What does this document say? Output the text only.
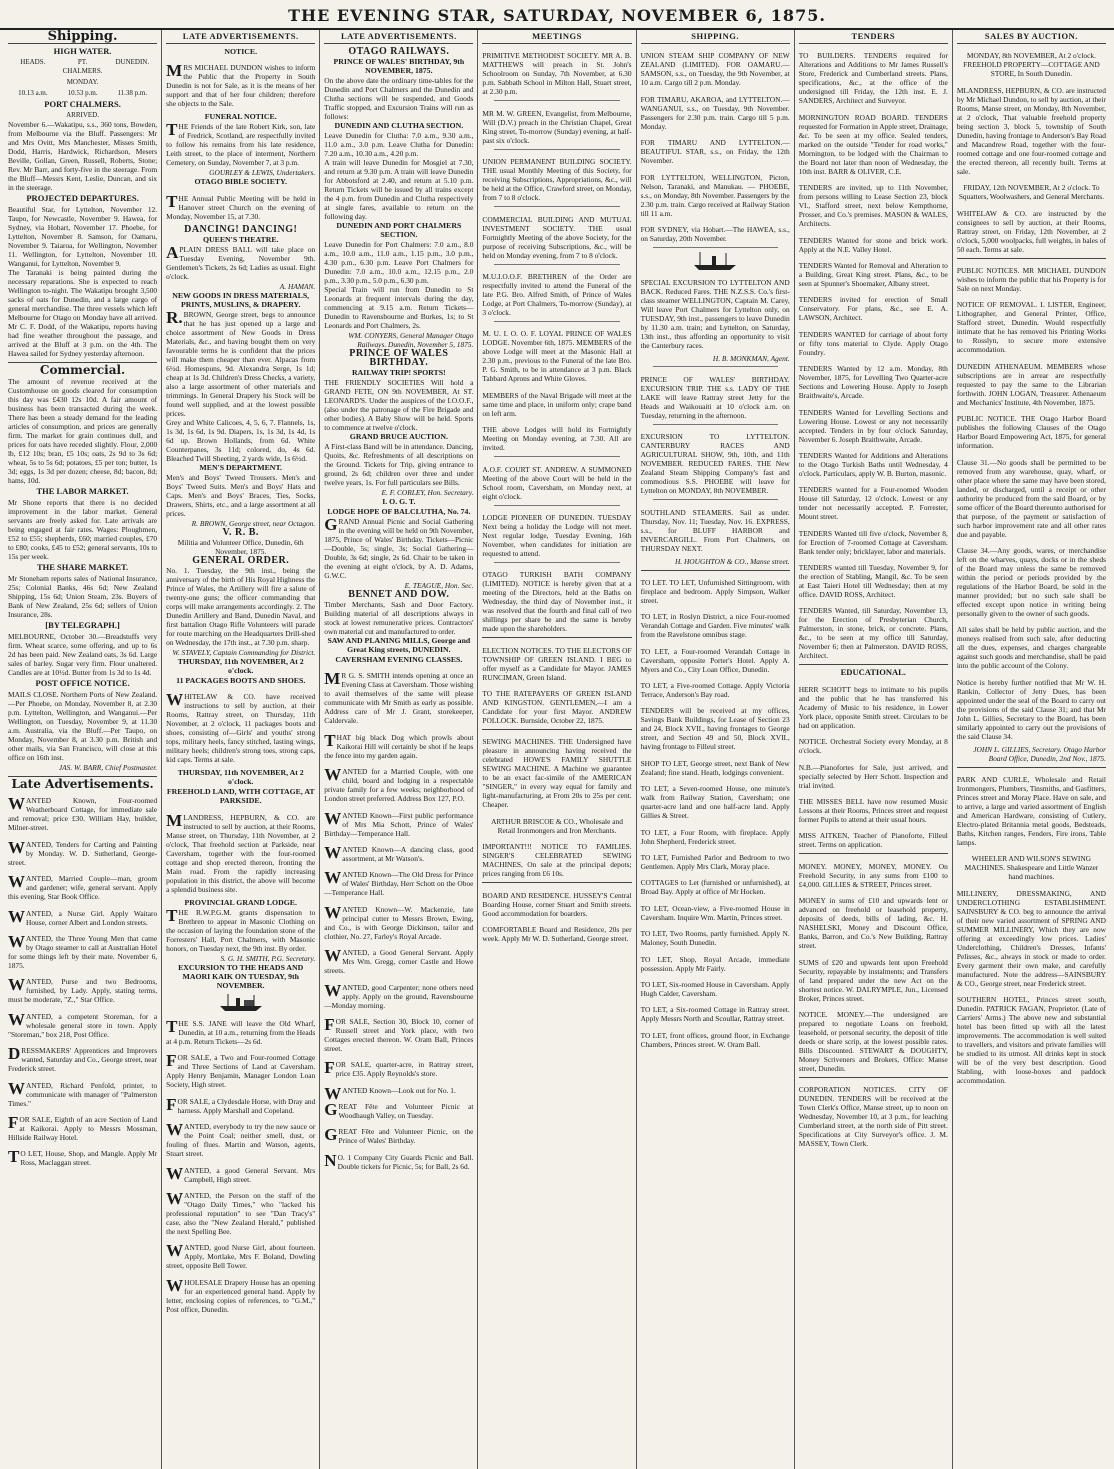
THE EVENING STAR, SATURDAY, NOVEMBER 6, 1875.
Shipping.
HIGH WATER.
HEADS.	PT. CHALMERS.
DUNEDIN.
MONDAY.
10.13 a.m.	10.53 p.m.	11.38 p.m.
PORT CHALMERS.
ARRIVED.

November 6.—Wakatipu, s.s., 360 tons, Bowden, from Melbourne via the Bluff. Passengers: Mr and Mrs Ovitt, Mrs Manchester, Misses Smith, Dodd, Harris, Hardwick, Richardson, Mesers Beville, Gollan, Green, Russell, Roberts, Stone; Rev. Mr Barr, and forty-five in the steerage. From the Bluff—Messrs Kent, Leslie, Duncan, and six in the steerage.

PROJECTED DEPARTURES.

Beautiful Star, for Lyttelton, November 12. Taupo, for Newcastle, November 9. Hawea, for Sydney, via Hobart, November 17. Phoebe, for Lyttelton, November 8. Samson, for Oamaru, November 9. Taiaroa, for Wellington, November 11. Wellington, for Lyttelton, November 10. Wanganui, for Lyttelton, November 9.

The Taranaki is being painted during the necessary reparations. She is expected to reach Wellington to-night. The Wakatipu brought 3,500 sacks of oats for Dunedin, and a large cargo of general merchandise. The three vessels which left Melbourne for Otago on Monday have all arrived. Mr C. F. Dodd, of the Wakatipu, reports having had fine weather throughout the passage, and arrived at the Bluff at 3 p.m. on the 4th. The Hawea sailed for Sydney yesterday afternoon.

Commercial.

The amount of revenue received at the Customhouse on goods cleared for consumption this day was £430 12s 10d. A fair amount of business has been transacted during the week. There has been a steady demand for the leading articles of consumption, and prices are generally firm. The market for grain continues dull, and prices for oats have receded slightly. Flour, 2,000 lb, £12 10s; bran, £5 10s; oats, 2s 9d to 3s 6d; wheat, 5s to 5s 6d; potatoes, £5 per ton; butter, 1s 3d; eggs, 1s 3d per dozen; cheese, 8d; bacon, 8d; hams, 10d.

THE LABOR MARKET.

Mr Shone reports that there is no decided improvement in the labor market. General servants are freely asked for. Late arrivals are being engaged at fair rates. Wages: Ploughmen, £52 to £55; shepherds, £60; married couples, £70 to £80; cooks, £45 to £52; general servants, 10s to 15s per week.

THE SHARE MARKET.

Mr Stoneham reports sales of National Insurance, 25s; Colonial Banks, 46s 6d; New Zealand Shipping, 15s 6d; Union Steam, 23s. Buyers of Bank of New Zealand, 25s 6d; sellers of Union Insurance, 28s.

[BY TELEGRAPH.]

MELBOURNE, October 30.—Breadstuffs very firm. Wheat scarce, some offering, and up to 6s 2d has been paid. New Zealand oats, 3s 6d. Large sales of barley. Sugar very firm. Flour unaltered. Candles are at 10½d. Butter from 1s 3d to 1s 4d.

POST OFFICE NOTICE.

MAILS CLOSE. Northern Ports of New Zealand.—Per Phoebe, on Monday, November 8, at 2.30 p.m. Lyttelton, Wellington, and Wanganui.—Per Wellington, on Tuesday, November 9, at 11.30 a.m. Australia, via the Bluff.—Per Taupo, on Monday, November 8, at 3.30 p.m. British and other mails, via San Francisco, will close at this office on 16th inst.

JAS. W. BARR, Chief Postmaster.
Late Advertisements.

WANTED Known, Four-roomed Weatherboard Cottage, for immediate sale and removal; price £30. William Hay, builder, Milner-street.

WANTED, Tenders for Carting and Painting by Monday. W. D. Sutherland, George-street.

WANTED, Married Couple—man, groom and gardener; wife, general servant. Apply this evening, Star Book Office.

WANTED, a Nurse Girl. Apply Waitaro House, corner Albert and London streets.

WANTED, the Three Young Men that came by Otago steamer to call at Australian Hotel for some things left by their mate. November 6, 1875.

WANTED, Purse and two Bedrooms, furnished, by Lady. Apply, stating terms, must be moderate, "Z.," Star Office.

WANTED, a competent Storeman, for a wholesale general store in town. Apply "Storeman," box 218, Post Office.

DRESSMAKERS' Apprentices and Improvers wanted, Saturday and Co., George street, near Frederick street.

WANTED, Richard Penfold, printer, to communicate with manager of "Palmerston Times."

FOR SALE, Eighth of an acre Section of Land at Kaikorai. Apply to Messrs Mossman, Hillside Railway Hotel.

TO LET, House, Shop, and Mangle. Apply Mr Ross, Maclaggan street.

LATE ADVERTISEMENTS.
NOTICE.

MRS MICHAEL DUNDON wishes to inform the Public that the Property in South Dunedin is not for Sale, as it is the means of her support and that of her four children; therefore she objects to the Sale.

FUNERAL NOTICE.

THE Friends of the late Robert Kirk, son, late of Fredrick, Scotland, are respectfully invited to follow his remains from his late residence, Leith street, to the place of interment, Northern Cemetery, on Sunday, November 7, at 3 p.m.

GOURLEY & LEWIS, Undertakers.
OTAGO BIBLE SOCIETY.

THE Annual Public Meeting will be held in Hanover street Church on the evening of Monday, November 15, at 7.30.

DANCING! DANCING!
QUEEN'S THEATRE.

APLAIN DRESS BALL will take place on Tuesday Evening, November 9th. Gentlemen's Tickets, 2s 6d; Ladies as usual. Eight o'clock.

A. HAMAN.
NEW GOODS IN DRESS MATERIALS, PRINTS, MUSLINS, & DRAPERY.

R.BROWN, George street, begs to announce that he has just opened up a large and choice assortment of New Goods in Dress Materials, &c., and having bought them on very favourable terms he is confident that the prices will make them cheaper than ever. Alpacas from 6½d. Homespuns, 9d. Alexandra Serge, 1s 1d; cheap at 1s 3d. Children's Dress Checks, a variety, also a large assortment of other materials and trimmings. In General Drapery his Stock will be found well supplied, and at the lowest possible prices.

Grey and White Calicoes, 4, 5, 6, 7. Flannels, 1s, 1s 3d, 1s 6d, 1s 9d. Diapers, 1s, 1s 3d, 1s 4d, 1s 6d up. Brown Hollands, from 6d. White Counterpanes, 3s 11d; colored, do, 4s 6d. Bleached Twill Sheeting, 2 yards wide, 1s 6½d.

MEN'S DEPARTMENT.

Men's and Boys' Tweed Trousers. Men's and Boys' Tweed Suits. Men's and Boys' Hats and Caps. Men's and Boys' Braces, Ties, Socks, Drawers, Shirts, etc., and a large assortment at all prices.

R. BROWN, George street, near Octagon.
V. R. B.
Militia and Volunteer Office, Dunedin, 6th November, 1875.
GENERAL ORDER.

No. 1. Tuesday, the 9th inst., being the anniversary of the birth of His Royal Highness the Prince of Wales, the Artillery will fire a salute of twenty-one guns; the officer commanding that corps will make arrangements accordingly. 2. The Dunedin Artillery and Band, Dunedin Naval, and first battalion Otago Rifle Volunteers will parade for route marching on the Headquarters Drill-shed on Wednesday, the 17th inst., at 7.30 p.m. sharp.

W. STAVELY, Captain Commanding for District.
THURSDAY, 11th NOVEMBER, At 2 o'clock.
11 PACKAGES BOOTS AND SHOES.

WHITELAW & CO. have received instructions to sell by auction, at their Rooms, Rattray street, on Thursday, 11th November, at 2 o'clock, 11 packages boots and shoes, consisting of—Girls' and youths' strong tops, military heels, fancy stitched, lasting wings, military heels; children's strong toes, strong caps, kid caps. Terms at sale.

THURSDAY, 11th NOVEMBER, At 2 o'clock.
FREEHOLD LAND, WITH COTTAGE, AT PARKSIDE.

MLANDRESS, HEPBURN, & CO. are instructed to sell by auction, at their Rooms, Manse street, on Thursday, 11th November, at 2 o'clock, That freehold section at Parkside, near Caversham, together with the four-roomed cottage and shop erected thereon, fronting the Main road. From the rapidly increasing population in this district, the above will become a splendid business site.

PROVINCIAL GRAND LODGE.

THE R.W.P.G.M. grants dispensation to Brethren to appear in Masonic Clothing on the occasion of laying the foundation stone of the Forresters' Hall, Port Chalmers, with Masonic honors, on Tuesday next, the 9th inst. By order.

S. G. H. SMITH, P.G. Secretary.
EXCURSION TO THE HEADS AND MAORI KAIK ON TUESDAY, 9th NOVEMBER.

THE S.S. JANE will leave the Old Wharf, Dunedin, at 10 a.m., returning from the Heads at 4 p.m. Return Tickets—2s 6d.

FOR SALE, a Two and Four-roomed Cottage and Three Sections of Land at Caversham. Apply Henry Benjamin, Manager London Loan Society, High street.

FOR SALE, a Clydesdale Horse, with Dray and harness. Apply Marshall and Copeland.

WANTED, everybody to try the new sauce or the Point Coal; neither smell, dust, or fouling of flues. Martin and Watson, agents, Stuart street.

WANTED, a good General Servant. Mrs Campbell, High street.

WANTED, the Person on the staff of the "Otago Daily Times," who "lacked his professional reputation" to see "Dan Tracy's" case, also the "New Zealand Herald," published the next Spelling Bee.

WANTED, good Nurse Girl, about fourteen. Apply, Mortlake, Mrs F. Boland, Dowling street, opposite Bell Tower.

WHOLESALE Drapery House has an opening for an experienced general hand. Apply by letter, enclosing copies of references, to "G.M.," Post office, Dunedin.

LATE ADVERTISEMENTS.
OTAGO RAILWAYS.
PRINCE OF WALES' BIRTHDAY, 9th NOVEMBER, 1875.

On the above date the ordinary time-tables for the Dunedin and Port Chalmers and the Dunedin and Clutha sections will be suspended, and Goods Traffic stopped, and Excursion Trains will run as follows:

DUNEDIN AND CLUTHA SECTION.

Leave Dunedin for Clutha: 7.0 a.m., 9.30 a.m., 11.0 a.m., 3.0 p.m. Leave Clutha for Dunedin: 7.20 a.m., 10.30 a.m., 4.20 p.m.

A train will leave Dunedin for Mosgiel at 7.30, and return at 9.30 p.m. A train will leave Dunedin for Abbotsford at 2.40, and return at 5.10 p.m. Return Tickets will be issued by all trains except the 4 p.m. from Dunedin and Clutha respectively at single fares, available to return on the following day.

DUNEDIN AND PORT CHALMERS SECTION.

Leave Dunedin for Port Chalmers: 7.0 a.m., 8.0 a.m., 10.0 a.m., 11.0 a.m., 1.15 p.m., 3.0 p.m., 4.30 p.m., 6.30 p.m. Leave Port Chalmers for Dunedin: 7.0 a.m., 10.0 a.m., 12.15 p.m., 2.0 p.m., 3.30 p.m., 5.0 p.m., 6.30 p.m.

Special Train will run from Dunedin to St Leonards at frequent intervals during the day, commencing at 9.15 a.m. Return Tickets—Dunedin to Ravensbourne and Burkes, 1s; to St Leonards and Port Chalmers, 2s.

WM. CONYERS, General Manager Otago Railways. Dunedin, November 5, 1875.
PRINCE OF WALES BIRTHDAY.
RAILWAY TRIP! SPORTS!

THE FRIENDLY SOCIETIES Will hold a GRAND FETE, ON 9th NOVEMBER, At ST. LEONARD'S. Under the auspices of the I.O.O.F., (also under the patronage of the Fire Brigade and other bodies). A Baby Show will be held. Sports to commence at twelve o'clock.

GRAND BRUCE AUCTION.

A First-class Band will be in attendance. Dancing, Quoits, &c. Refreshments of all descriptions on the Ground. Tickets for Trip, giving entrance to ground, 2s 6d; children over three and under twelve years, 1s. For full particulars see Bills.

E. F. CORLEY, Hon. Secretary.
I. O. G. T.
LODGE HOPE OF BALCLUTHA, No. 74.

GRAND Annual Picnic and Social Gathering in the evening will be held on 9th November, 1875, Prince of Wales' Birthday. Tickets—Picnic—Double, 5s; single, 3s; Social Gathering—Double, 3s 6d; single, 2s 6d. Chair to be taken in the evening at eight o'clock, by A. D. Adams, G.W.C.

E. TEAGUE, Hon. Sec.
BENNET AND DOW.

Timber Merchants, Sash and Door Factory. Building material of all descriptions always in stock at lowest remunerative prices. Contractors' own material cut and manufactured to order.

SAW AND PLANING MILLS, George and Great King streets, DUNEDIN.
CAVERSHAM EVENING CLASSES.

MR G. S. SMITH intends opening at once an Evening Class at Caversham. Those wishing to avail themselves of the same will please communicate with Mr Smith as early as possible. Address care of Mr J. Grant, storekeeper, Caldervale.

THAT big black Dog which prowls about Kaikorai Hill will certainly be shot if he leaps the fence into my garden again.

WANTED for a Married Couple, with one child, board and lodging in a respectable private family for a few weeks; neighborhood of London street preferred. Address Box 127, P.O.

WANTED Known—First public performance of Mrs Mia Schott, Prince of Wales' Birthday—Temperance Hall.

WANTED Known—A dancing class, good assortment, at Mr Watson's.

WANTED Known—The Old Dress for Prince of Wales' Birthday, Herr Schott on the Oboe—Temperance Hall.

WANTED Known—W. Mackenzie, late principal cutter to Messrs Brown, Ewing, and Co., is with George Dickinson, tailor and clothier, No. 27, Farley's Royal Arcade.

WANTED, a Good General Servant. Apply Mrs Wm. Gregg, corner Castle and Howe streets.

WANTED, good Carpenter; none others need apply. Apply on the ground, Ravensbourne—Monday morning.

FOR SALE, Section 30, Block 10, corner of Russell street and York place, with two Cottages erected thereon. W. Oram Ball, Princes street.

FOR SALE, quarter-acre, in Rattray street, price £35. Apply Reynolds's store.

WANTED Known—Look out for No. 1.

GREAT Fête and Volunteer Picnic at Woodhaugh Valley, on Tuesday.

GREAT Fête and Volunteer Picnic, on the Prince of Wales' Birthday.

NO. 1 Company City Guards Picnic and Ball. Double tickets for Picnic, 5s; for Ball, 2s 6d.

MEETINGS

PRIMITIVE METHODIST SOCIETY. MR A. B. MATTHEWS will preach in St. John's Schoolroom on Sunday, 7th November, at 6.30 p.m. Sabbath School in Milton Hall, Stuart street, at 2.30 p.m.

MR M. W. GREEN, Evangelist, from Melbourne, Will (D.V.) preach in the Christian Chapel, Great King street, To-morrow (Sunday) evening, at half-past six o'clock.

UNION PERMANENT BUILDING SOCIETY. THE usual Monthly Meeting of this Society, for receiving Subscriptions, Appropriations, &c., will be held at the Office, Crawford street, on Monday, from 7 to 8 o'clock.

COMMERCIAL BUILDING AND MUTUAL INVESTMENT SOCIETY. THE usual Fortnightly Meeting of the above Society, for the purpose of receiving Subscriptions, &c., will be held on Monday evening, from 7 to 8 o'clock.

M.U.I.O.O.F. BRETHREN of the Order are respectfully invited to attend the Funeral of the late P.G. Bro. Alfred Smith, of Prince of Wales Lodge, at Port Chalmers, To-morrow (Sunday), at 3 o'clock.

M. U. I. O. O. F. LOYAL PRINCE OF WALES LODGE. November 6th, 1875. MEMBERS of the above Lodge will meet at the Masonic Hall at 2.30 p.m., previous to the Funeral of the late Bro. P. G. Smith, to be in attendance at 3 p.m. Black Tabbard Aprons and White Gloves.

MEMBERS of the Naval Brigade will meet at the same time and place, in uniform only; crape band on left arm.

THE above Lodges will hold its Fortnightly Meeting on Monday evening, at 7.30. All are invited.

A.O.F. COURT ST. ANDREW. A SUMMONED Meeting of the above Court will be held in the School room, Caversham, on Monday next, at eight o'clock.

LODGE PIONEER OF DUNEDIN. TUESDAY Next being a holiday the Lodge will not meet. Next regular lodge, Tuesday Evening, 16th November, when candidates for initiation are requested to attend.

OTAGO TURKISH BATH COMPANY (LIMITED). NOTICE is hereby given that at a meeting of the Directors, held at the Baths on Wednesday, the third day of November inst., it was resolved that the fourth and final call of two shillings per share be and the same is hereby made upon the shareholders.

ELECTION NOTICES. TO THE ELECTORS OF TOWNSHIP OF GREEN ISLAND. I BEG to offer myself as a Candidate for Mayor. JAMES RUNCIMAN, Green Island.

TO THE RATEPAYERS OF GREEN ISLAND AND KINGSTON. GENTLEMEN,—I am a Candidate for your first Mayor. ANDREW POLLOCK. Burnside, October 22, 1875.

SEWING MACHINES. THE Undersigned have pleasure in announcing having received the celebrated HOWE'S FAMILY SHUTTLE SEWING MACHINE. A Machine we guarantee to be an exact fac-simile of the AMERICAN "SINGER," in every way equal for family and light-manufacturing, at From 20s to 25s per cent. Cheaper.

ARTHUR BRISCOE & CO., Wholesale and Retail Ironmongers and Iron Merchants.

IMPORTANT!!! NOTICE TO FAMILIES. SINGER'S CELEBRATED SEWING MACHINES, On sale at the principal depots; prices ranging from £6 10s.

BOARD AND RESIDENCE. HUSSEY'S Central Boarding House, corner Stuart and Smith streets. Good accommodation for boarders.

COMFORTABLE Board and Residence, 20s per week. Apply Mr W. D. Sutherland, George street.

SHIPPING.

UNION STEAM SHIP COMPANY OF NEW ZEALAND (LIMITED). FOR OAMARU.—SAMSON, s.s., on Tuesday, the 9th November, at 10 a.m. Cargo till 2 p.m. Monday.

FOR TIMARU, AKAROA, and LYTTELTON.—WANGANUI, s.s., on Tuesday, 9th November. Passengers for 2.30 p.m. train. Cargo till 5 p.m. Monday.

FOR TIMARU AND LYTTELTON.—BEAUTIFUL STAR, s.s., on Friday, the 12th November.

FOR LYTTELTON, WELLINGTON, Picton, Nelson, Taranaki, and Manukau. — PHOEBE, s.s., on Monday, 8th November. Passengers by the 2.30 p.m. train. Cargo received at Railway Station till 11 a.m.

FOR SYDNEY, via Hobart.—The HAWEA, s.s., on Saturday, 20th November.

SPECIAL EXCURSION TO LYTTELTON AND BACK. Reduced Fares. THE N.Z.S.S. Co.'s first-class steamer WELLINGTON, Captain M. Carey, Will leave Port Chalmers for Lyttelton only, on TUESDAY, 9th inst., passengers to leave Dunedin by 11.30 a.m. train; and Lyttelton, on Saturday, 13th inst., thus affording an opportunity to visit the Canterbury races.

H. B. MONKMAN, Agent.

PRINCE OF WALES' BIRTHDAY. EXCURSION TRIP. THE s.s. LADY OF THE LAKE will leave Rattray street Jetty for the Heads and Waikouaiti at 10 o'clock a.m. on Tuesday, returning in the afternoon.

EXCURSION TO LYTTELTON. CANTERBURY RACES AND AGRICULTURAL SHOW, 9th, 10th, and 11th NOVEMBER. REDUCED FARES. THE New Zealand Steam Shipping Company's fast and commodious S.S. PHOEBE will leave for Lyttelton on MONDAY, 8th NOVEMBER.

SOUTHLAND STEAMERS. Sail as under. Thursday, Nov. 11; Tuesday, Nov. 16. EXPRESS, s.s., for BLUFF HARBOR and INVERCARGILL. From Port Chalmers, on THURSDAY NEXT.

H. HOUGHTON & CO., Manse street.

TO LET. TO LET, Unfurnished Sittingroom, with fireplace and bedroom. Apply Simpson, Walker street.

TO LET, in Roslyn District, a nice Four-roomed Verandah Cottage and Garden. Five minutes' walk from the Ravelstone omnibus stage.

TO LET, a Four-roomed Verandah Cottage in Caversham, opposite Porter's Hotel. Apply A. Myers and Co., City Loan Office, Dunedin.

TO LET, a Five-roomed Cottage. Apply Victoria Terrace, Anderson's Bay road.

TENDERS will be received at my offices, Savings Bank Buildings, for Lease of Section 23 and 24, Block XVII., having frontages to George street, and Section 49 and 50, Block XVII., having frontage to Filleul street.

SHOP TO LET, George street, next Bank of New Zealand; fine stand. Heath, lodgings convenient.

TO LET, a Seven-roomed House, one minute's walk from Railway Station, Caversham; one quarter-acre land and one half-acre land. Apply Gillies & Street.

TO LET, a Four Room, with fireplace. Apply John Shepherd, Frederick street.

TO LET, Furnished Parlor and Bedroom to two Gentlemen. Apply Mrs Clark, Moray place.

COTTAGES to Let (furnished or unfurnished), at Broad Bay. Apply at office of Mr Hocken.

TO LET, Ocean-view, a Five-roomed House in Caversham. Inquire Wm. Martin, Princes street.

TO LET, Two Rooms, partly furnished. Apply N. Maloney, South Dunedin.

TO LET, Shop, Royal Arcade, immediate possession. Apply Mr Fairly.

TO LET, Six-roomed House in Caversham. Apply Hugh Calder, Caversham.

TO LET, a Six-roomed Cottage in Rattray street. Apply Messrs North and Scoullar, Rattray street.

TO LET, front offices, ground floor, in Exchange Chambers, Princes street. W. Oram Ball.

TENDERS

TO BUILDERS. TENDERS required for Alterations and Additions to Mr James Russell's Store, Frederick and Cumberland streets. Plans, specifications, &c., at the office of the undersigned till Friday, the 12th inst. E. J. SANDERS, Architect and Surveyor.

MORNINGTON ROAD BOARD. TENDERS requested for Formation in Apple street, Drainage, &c. To be seen at my office. Sealed tenders, marked on the outside "Tender for road works," Mornington, to be lodged with the Chairman to the Board not later than noon of Wednesday, the 10th inst. BARR & OLIVER, C.E.

TENDERS are invited, up to 11th November, from persons willing to Lease Section 23, block VI., Stafford street, next below Kempthorne, Prosser, and Co.'s premises. MASON & WALES, Architects.

TENDERS Wanted for stone and brick work. Apply at the N.E. Valley Hotel.

TENDERS Wanted for Removal and Alteration to a Building, Great King street. Plans, &c., to be seen at Spunner's Shoemaker, Albany street.

TENDERS invited for erection of Small Conservatory. For plans, &c., see E. A. LAWSON, Architect.

TENDERS WANTED for carriage of about forty or fifty tons material to Clyde. Apply Otago Foundry.

TENDERS Wanted by 12 a.m. Monday, 8th November, 1875, for Levelling Two Quarter-acre Sections and Lowering House. Apply to Joseph Braithwaite's, Arcade.

TENDERS Wanted for Levelling Sections and Lowering House. Lowest or any not necessarily accepted. Tenders in by four o'clock Saturday, November 6. Joseph Braithwaite, Arcade.

TENDERS Wanted for Additions and Alterations to the Otago Turkish Baths until Wednesday, 4 o'clock. Particulars, apply W. B. Burton, masonic.

TENDERS wanted for a Four-roomed Wooden House till Saturday, 12 o'clock. Lowest or any tender not necessarily accepted. P. Forrester, Mount street.

TENDERS Wanted till five o'clock, November 8, for Erection of 7-roomed Cottage at Caversham. Bank tender only; bricklayer, labor and materials.

TENDERS wanted till Tuesday, November 9, for the erection of Stabling, Mangil, &c. To be seen at East Taieri Hotel till Wednesday; then at my office. DAVID ROSS, Architect.

TENDERS Wanted, till Saturday, November 13, for the Erection of Presbyterian Church, Palmerston, in stone, brick, or concrete. Plans, &c., to be seen at my office till Saturday, November 6; then at Palmerston. DAVID ROSS, Architect.

EDUCATIONAL.

HERR SCHOTT begs to intimate to his pupils and the public that he has transferred his Academy of Music to his residence, in Lower York place, opposite Smith street. Circulars to be had on application.

NOTICE. Orchestral Society every Monday, at 8 o'clock.

N.B.—Pianofortes for Sale, just arrived, and specially selected by Herr Schott. Inspection and trial invited.

THE MISSES BELL have now resumed Music Lessons at their Rooms, Princes street and request former Pupils to attend at their usual hours.

MISS AITKEN, Teacher of Pianoforte, Filleul street. Terms on application.

MONEY. MONEY, MONEY, MONEY. On Freehold Security, in any sums from £100 to £4,000. GILLIES & STREET, Princes street.

MONEY in sums of £10 and upwards lent or advanced on freehold or leasehold property, deposits of deeds, bills of lading, &c. H. NASHELSKI, Money and Discount Office, Banks, Barron, and Co.'s New Building, Rattray street.

SUMS of £20 and upwards lent upon Freehold Security, repayable by instalments; and Transfers of land prepared under the new Act on the shortest notice. W. DALRYMPLE, Jun., Licensed Broker, Princes street.

NOTICE. MONEY.—The undersigned are prepared to negotiate Loans on freehold, leasehold, or personal security, the deposit of title deeds or share scrip, at the lowest possible rates. Bills Discounted. STEWART & DOUGHTY, Money Scriveners and Brokers, Office: Manse street, Dunedin.

CORPORATION NOTICES. CITY OF DUNEDIN. TENDERS will be received at the Town Clerk's Office, Manse street, up to noon on Wednesday, November 10, at 3 p.m., for leaching Cumberland street, at the north side of Pitt street. Specifications at City Surveyor's office. J. M. MASSEY, Town Clerk.

SALES BY AUCTION.

MONDAY, 8th NOVEMBER, At 2 o'clock. FREEHOLD PROPERTY—COTTAGE AND STORE, In South Dunedin.

MLANDRESS, HEPBURN, & CO. are instructed by Mr Michael Dundon, to sell by auction, at their Rooms, Manse street, on Monday, 8th November, at 2 o'clock, That valuable freehold property being section 3, block 5, township of South Dunedin, having frontage to Anderson's Bay Road and Macandrew Road, together with the four-roomed cottage and one four-roomed cottage and the erected thereon, all recently built. Terms at sale.

FRIDAY, 12th NOVEMBER, At 2 o'clock. To Squatters, Woolwashers, and General Merchants.

WHITELAW & CO. are instructed by the consignees to sell by auction, at their Rooms, Rattray street, on Friday, 12th November, at 2 o'clock, 5,000 woolpacks, full weights, in bales of 50 each. Terms at sale.

PUBLIC NOTICES. MR MICHAEL DUNDON wishes to inform the public that his Property is for Sale on next Monday.

NOTICE OF REMOVAL. L LISTER, Engineer, Lithographer, and General Printer, Office, Stafford street, Dunedin. Would respectfully intimate that he has removed his Printing Works to Rosslyn, to secure more extensive accommodation.

DUNEDIN ATHENAEUM. MEMBERS whose subscriptions are in arrear are respectfully requested to pay the same to the Librarian forthwith. JOHN LOGAN, Treasurer. Athenaeum and Mechanics' Institute, 4th November, 1875.

PUBLIC NOTICE. THE Otago Harbor Board publishes the following Clauses of the Otago Harbor Board Empowering Act, 1875, for general information.

Clause 31.—No goods shall be permitted to be removed from any warehouse, quay, wharf, or other place where the same may have been stored, landed, or discharged, until a receipt or other authority be produced from the said Board, or by some officer of the Board thereunto authorised for that purpose, of the payment or satisfaction of such harbor improvement rate and all other rates due and payable.

Clause 34.—Any goods, wares, or merchandise left on the wharves, quays, docks or in the sheds of the Board may unless the same be removed within the period or periods provided by the regulations of the Harbor Board, be sold in the manner provided; but no such sale shall be effected except upon notice in writing being personally given to the owner of such goods.

All sales shall be held by public auction, and the moneys realised from such sale, after deducting all the dues, expenses, and charges chargeable against such goods and merchandise, shall be paid into the public account of the Colony.

Notice is hereby further notified that Mr W. H. Rankin, Collector of Jetty Dues, has been appointed under the seal of the Board to carry out the provisions of the said Clause 31; and that Mr John L. Gillies, Secretary to the Board, has been similarly appointed to carry out the provisions of the said Clause 34.

JOHN L. GILLIES, Secretary. Otago Harbor Board Office, Dunedin, 2nd Nov., 1875.

PARK AND CURLE, Wholesale and Retail Ironmongers, Plumbers, Tinsmiths, and Gasfitters, Princes street and Moray Place. Have on sale, and to arrive, a large and varied assortment of English and American Hardware, consisting of Cutlery, Electro-plated Britannia metal goods, Bedsteads, Baths, Kitchen ranges, Fenders, Fire irons, Table lamps.

WHEELER AND WILSON'S SEWING MACHINES. Shakespeare and Little Wanzer hand machines.

MILLINERY, DRESSMAKING, AND UNDERCLOTHING ESTABLISHMENT. SAINSBURY & CO. beg to announce the arrival of their new varied assortment of SPRING AND SUMMER MILLINERY, Which they are now offering at exceedingly low prices. Ladies' Underclothing, Children's Dresses, Infants' Pelisses, &c., always in stock or made to order. Every garment their own make, and carefully manufactured. Note the address—SAINSBURY & CO., George street, near Frederick street.

SOUTHERN HOTEL, Princes street south, Dunedin. PATRICK FAGAN, Proprietor. (Late of Carriers' Arms.) The above new and substantial hotel has been fitted up with all the latest improvements. The accommodation is well suited to travellers, and visitors and private families will be studied to its utmost. All drinks kept in stock will be of the very best description. Good Stabling, with loose-boxes and paddock accommodation.
